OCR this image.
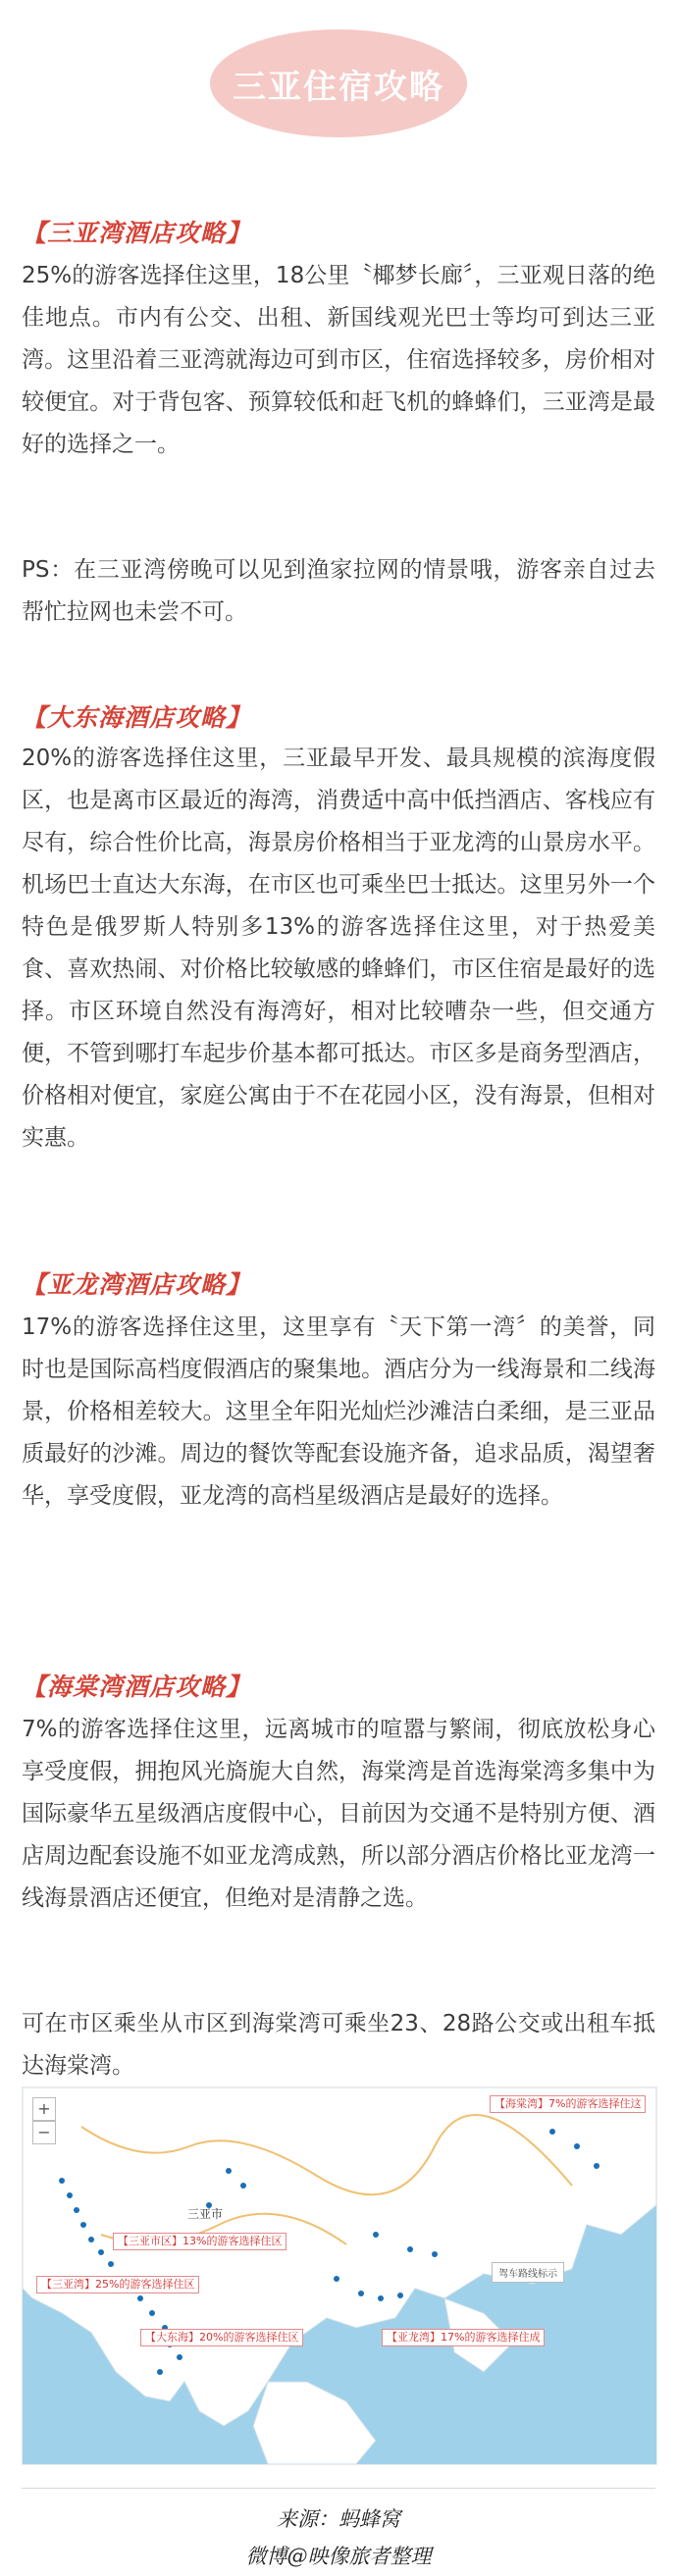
三亚住宿攻略
【三亚湾酒店攻略】
25%的游客选择住这里，18公里〝椰梦长廊〞，三亚观日落的绝佳地点。市内有公交、出租、新国线观光巴士等均可到达三亚湾。这里沿着三亚湾就海边可到市区，住宿选择较多，房价相对较便宜。对于背包客、预算较低和赶飞机的蜂蜂们，三亚湾是最好的选择之一。
PS：在三亚湾傍晚可以见到渔家拉网的情景哦，游客亲自过去帮忙拉网也未尝不可。
【大东海酒店攻略】
20%的游客选择住这里，三亚最早开发、最具规模的滨海度假区，也是离市区最近的海湾，消费适中高中低挡酒店、客栈应有尽有，综合性价比高，海景房价格相当于亚龙湾的山景房水平。机场巴士直达大东海，在市区也可乘坐巴士抵达。这里另外一个特色是俄罗斯人特别多13%的游客选择住这里，对于热爱美食、喜欢热闹、对价格比较敏感的蜂蜂们，市区住宿是最好的选择。市区环境自然没有海湾好，相对比较嘈杂一些，但交通方便，不管到哪打车起步价基本都可抵达。市区多是商务型酒店，价格相对便宜，家庭公寓由于不在花园小区，没有海景，但相对实惠。
【亚龙湾酒店攻略】
17%的游客选择住这里，这里享有〝天下第一湾〞的美誉，同时也是国际高档度假酒店的聚集地。酒店分为一线海景和二线海景，价格相差较大。这里全年阳光灿烂沙滩洁白柔细，是三亚品质最好的沙滩。周边的餐饮等配套设施齐备，追求品质，渴望奢华，享受度假，亚龙湾的高档星级酒店是最好的选择。
【海棠湾酒店攻略】
7%的游客选择住这里，远离城市的喧嚣与繁闹，彻底放松身心享受度假，拥抱风光旖旎大自然，海棠湾是首选海棠湾多集中为国际豪华五星级酒店度假中心，目前因为交通不是特别方便、酒店周边配套设施不如亚龙湾成熟，所以部分酒店价格比亚龙湾一线海景酒店还便宜，但绝对是清静之选。
可在市区乘坐从市区到海棠湾可乘坐23、28路公交或出租车抵达海棠湾。
【海棠湾】7%的游客选择住这
【三亚市区】13%的游客选择住区
【三亚湾】25%的游客选择住区
【大东海】20%的游客选择住区	【亚龙湾】17%的游客选择住成
三亚市
驾车路线标示
+
−
来源：蚂蜂窝
微博@映像旅者整理
